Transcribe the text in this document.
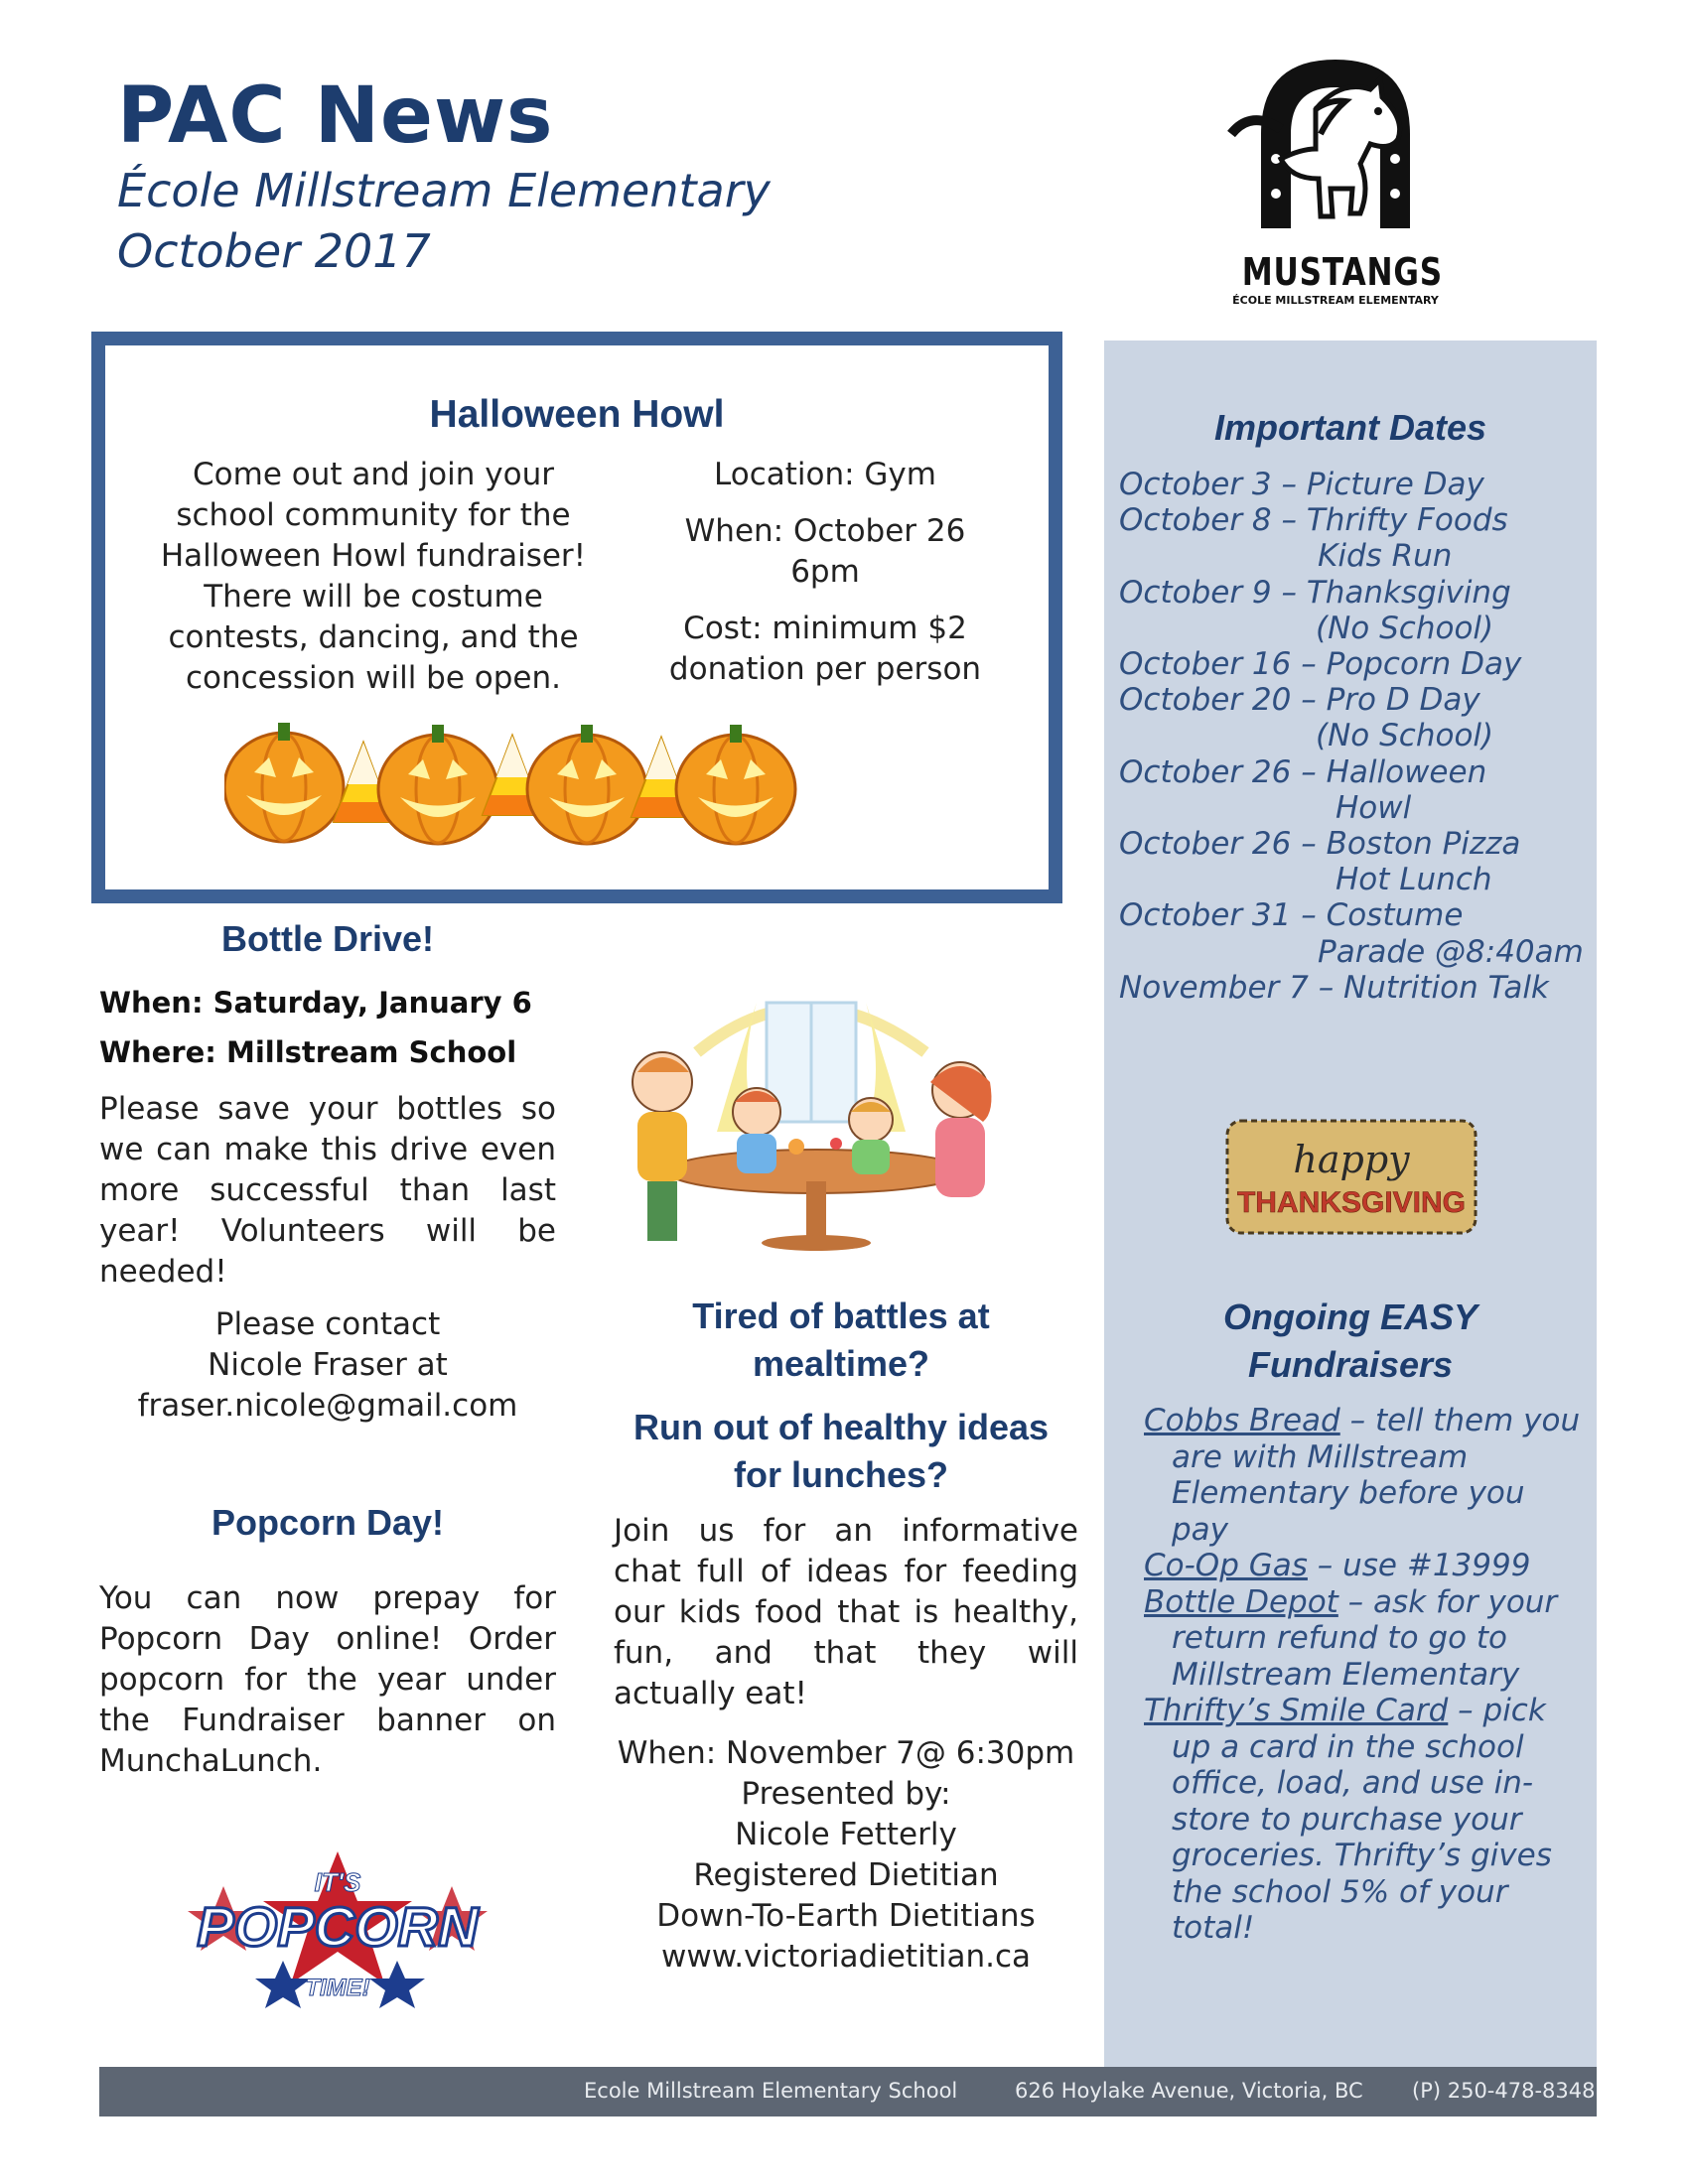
PAC News
École Millstream Elementary
October 2017	MUSTANGS
ÉCOLE MILLSTREAM ELEMENTARY
Halloween Howl
Come out and join your school community for the Halloween Howl fundraiser! There will be costume contests, dancing, and the concession will be open.

Location: Gym

When: October 26 6pm

Cost: minimum $2 donation per person

Bottle Drive!
When: Saturday, January 6
Where: Millstream School
Please save your bottles so we can make this drive even more successful than last year! Volunteers will be needed!
Please contact
Nicole Fraser at
fraser.nicole@gmail.com
Popcorn Day!
You can now prepay for Popcorn Day online! Order popcorn for the year under the Fundraiser banner on MunchaLunch.
IT'S
POPCORN
TIME!
Tired of battles at
mealtime?
Run out of healthy ideas
for lunches?
Join us for an informative chat full of ideas for feeding our kids food that is healthy, fun, and that they will actually eat!
When: November 7@ 6:30pm
Presented by:
Nicole Fetterly
Registered Dietitian
Down-To-Earth Dietitians
www.victoriadietitian.ca
Important Dates
October 3 – Picture Day
October 8 – Thrifty Foods
Kids Run
October 9 – Thanksgiving
(No School)
October 16 – Popcorn Day
October 20 – Pro D Day
(No School)
October 26 – Halloween
Howl
October 26 – Boston Pizza
Hot Lunch
October 31 – Costume
Parade @8:40am
November 7 – Nutrition Talk
happy
THANKSGIVING
Ongoing EASY
Fundraisers

Cobbs Bread – tell them you are with Millstream Elementary before you pay

Co-Op Gas – use #13999

Bottle Depot – ask for your return refund to go to Millstream Elementary

Thrifty’s Smile Card – pick up a card in the school office, load, and use in-store to purchase your groceries. Thrifty’s gives the school 5% of your total!

Ecole Millstream Elementary School	626 Hoylake Avenue, Victoria, BC (P) 250-478-8348
